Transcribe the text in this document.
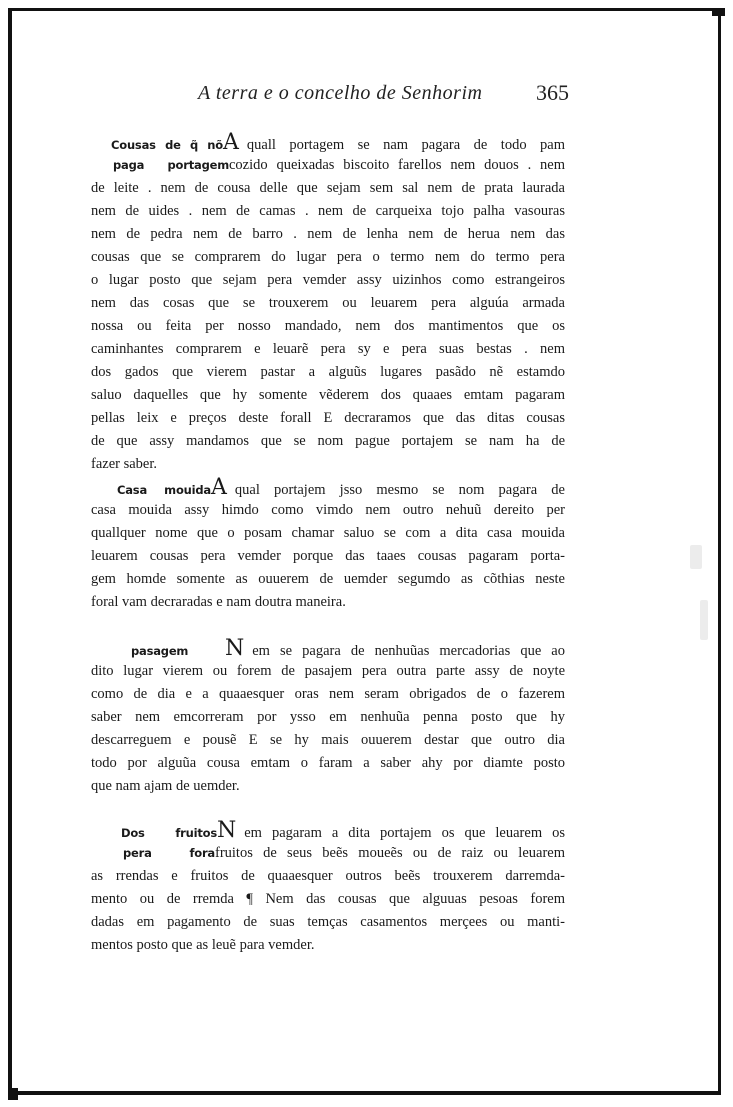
A terra e o concelho de Senhorim 365
Cousas de q̃ nõ A quall portagem se nam pagara de todo pam
paga portagem cozido queixadas biscoito farellos nem douos . nem
de leite . nem de cousa delle que sejam sem sal nem de prata laurada
nem de uides . nem de camas . nem de carqueixa tojo palha vasouras
nem de pedra nem de barro . nem de lenha nem de herua nem das
cousas que se comprarem do lugar pera o termo nem do termo pera
o lugar posto que sejam pera vemder assy uizinhos como estrangeiros
nem das cosas que se trouxerem ou leuarem pera alguúa armada
nossa ou feita per nosso mandado, nem dos mantimentos que os
caminhantes comprarem e leuarẽ pera sy e pera suas bestas . nem
dos gados que vierem pastar a alguũs lugares pasãdo nẽ estamdo
saluo daquelles que hy somente vẽderem dos quaaes emtam pagaram
pellas leix e preços deste forall E decraramos que das ditas cousas
de que assy mandamos que se nom pague portajem se nam ha de
fazer saber.
Casa mouida A qual portajem jsso mesmo se nom pagara de
casa mouida assy himdo como vimdo nem outro nehuũ dereito per
quallquer nome que o posam chamar saluo se com a dita casa mouida
leuarem cousas pera vemder porque das taaes cousas pagaram porta-
gem homde somente as ouuerem de uemder segumdo as cõthias neste
foral vam decraradas e nam doutra maneira.
pasagem	N em se pagara de nenhuũas mercadorias que ao
dito lugar vierem ou forem de pasajem pera outra parte assy de noyte
como de dia e a quaaesquer oras nem seram obrigados de o fazerem
saber nem emcorreram por ysso em nenhuũa penna posto que hy
descarreguem e pousẽ E se hy mais ouuerem destar que outro dia
todo por alguũa cousa emtam o faram a saber ahy por diamte posto
que nam ajam de uemder.
Dos fruitos N em pagaram a dita portajem os que leuarem os
pera fora fruitos de seus beẽs moueẽs ou de raiz ou leuarem
as rrendas e fruitos de quaaesquer outros beẽs trouxerem darremda-
mento ou de rremda ¶ Nem das cousas que alguuas pesoas forem
dadas em pagamento de suas temças casamentos merçees ou manti-
mentos posto que as leuẽ para vemder.
